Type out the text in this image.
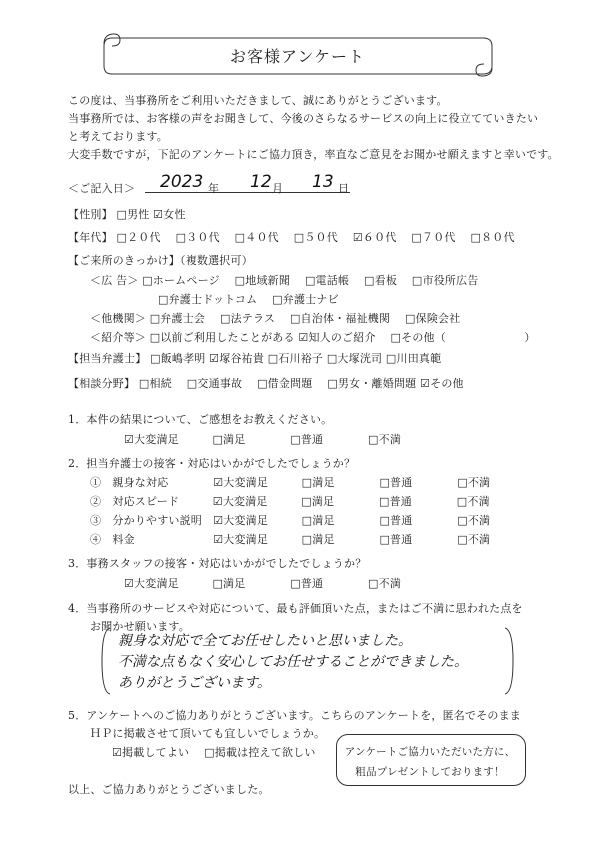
お客様アンケート
この度は、当事務所をご利用いただきまして、誠にありがとうございます。
当事務所では、お客様の声をお聞きして、今後のさらなるサービスの向上に役立てていきたい
と考えております。
大変手数ですが，下記のアンケートにご協力頂き，率直なご意見をお聞かせ願えますと幸いです。
＜ご記入日＞ 2023 年 12 月 13 日
【性別】 □男性 ☑女性
【年代】 □２０代　 □３０代　 □４０代　 □５０代　 ☑６０代　 □７０代　 □８０代
【ご来所のきっかけ】（複数選択可）
＜広 告＞ □ホームページ　 □地域新聞　 □電話帳　 □看板　 □市役所広告
□弁護士ドットコム　 □弁護士ナビ
＜他機関＞ □弁護士会　 □法テラス　 □自治体・福祉機関　 □保険会社
＜紹介等＞ □以前ご利用したことがある ☑知人のご紹介　 □その他（　　　　　　　）
【担当弁護士】 □飯嶋孝明 ☑塚谷祐貴 □石川裕子 □大塚洸司 □川田真範
【相談分野】 □相続　 □交通事故　 □借金問題　 □男女・離婚問題 ☑その他
1．本件の結果について、ご感想をお教えください。
☑大変満足　　　□満足　　　　□普通　　　　□不満
2．担当弁護士の接客・対応はいかがでしたでしょうか？
①　親身な対応　　　　☑大変満足　　　□満足　　　　□普通　　　　□不満
②　対応スピード　　　☑大変満足　　　□満足　　　　□普通　　　　□不満
③　分かりやすい説明　☑大変満足　　　□満足　　　　□普通　　　　□不満
④　料金　　　　　　　☑大変満足　　　□満足　　　　□普通　　　　□不満
3．事務スタッフの接客・対応はいかがでしたでしょうか？
☑大変満足　　　□満足　　　　□普通　　　　□不満
4．当事務所のサービスや対応について、最も評価頂いた点，またはご不満に思われた点を
お聞かせ願います。
親身な対応で全てお任せしたいと思いました。
不満な点もなく安心してお任せすることができました。
ありがとうございます。
5．アンケートへのご協力ありがとうございます。こちらのアンケートを，匿名でそのまま
ＨＰに掲載させて頂いても宜しいでしょうか。
☑掲載してよい　 □掲載は控えて欲しい	アンケートご協力いただいた方に、
粗品プレゼントしております！
以上、ご協力ありがとうございました。
